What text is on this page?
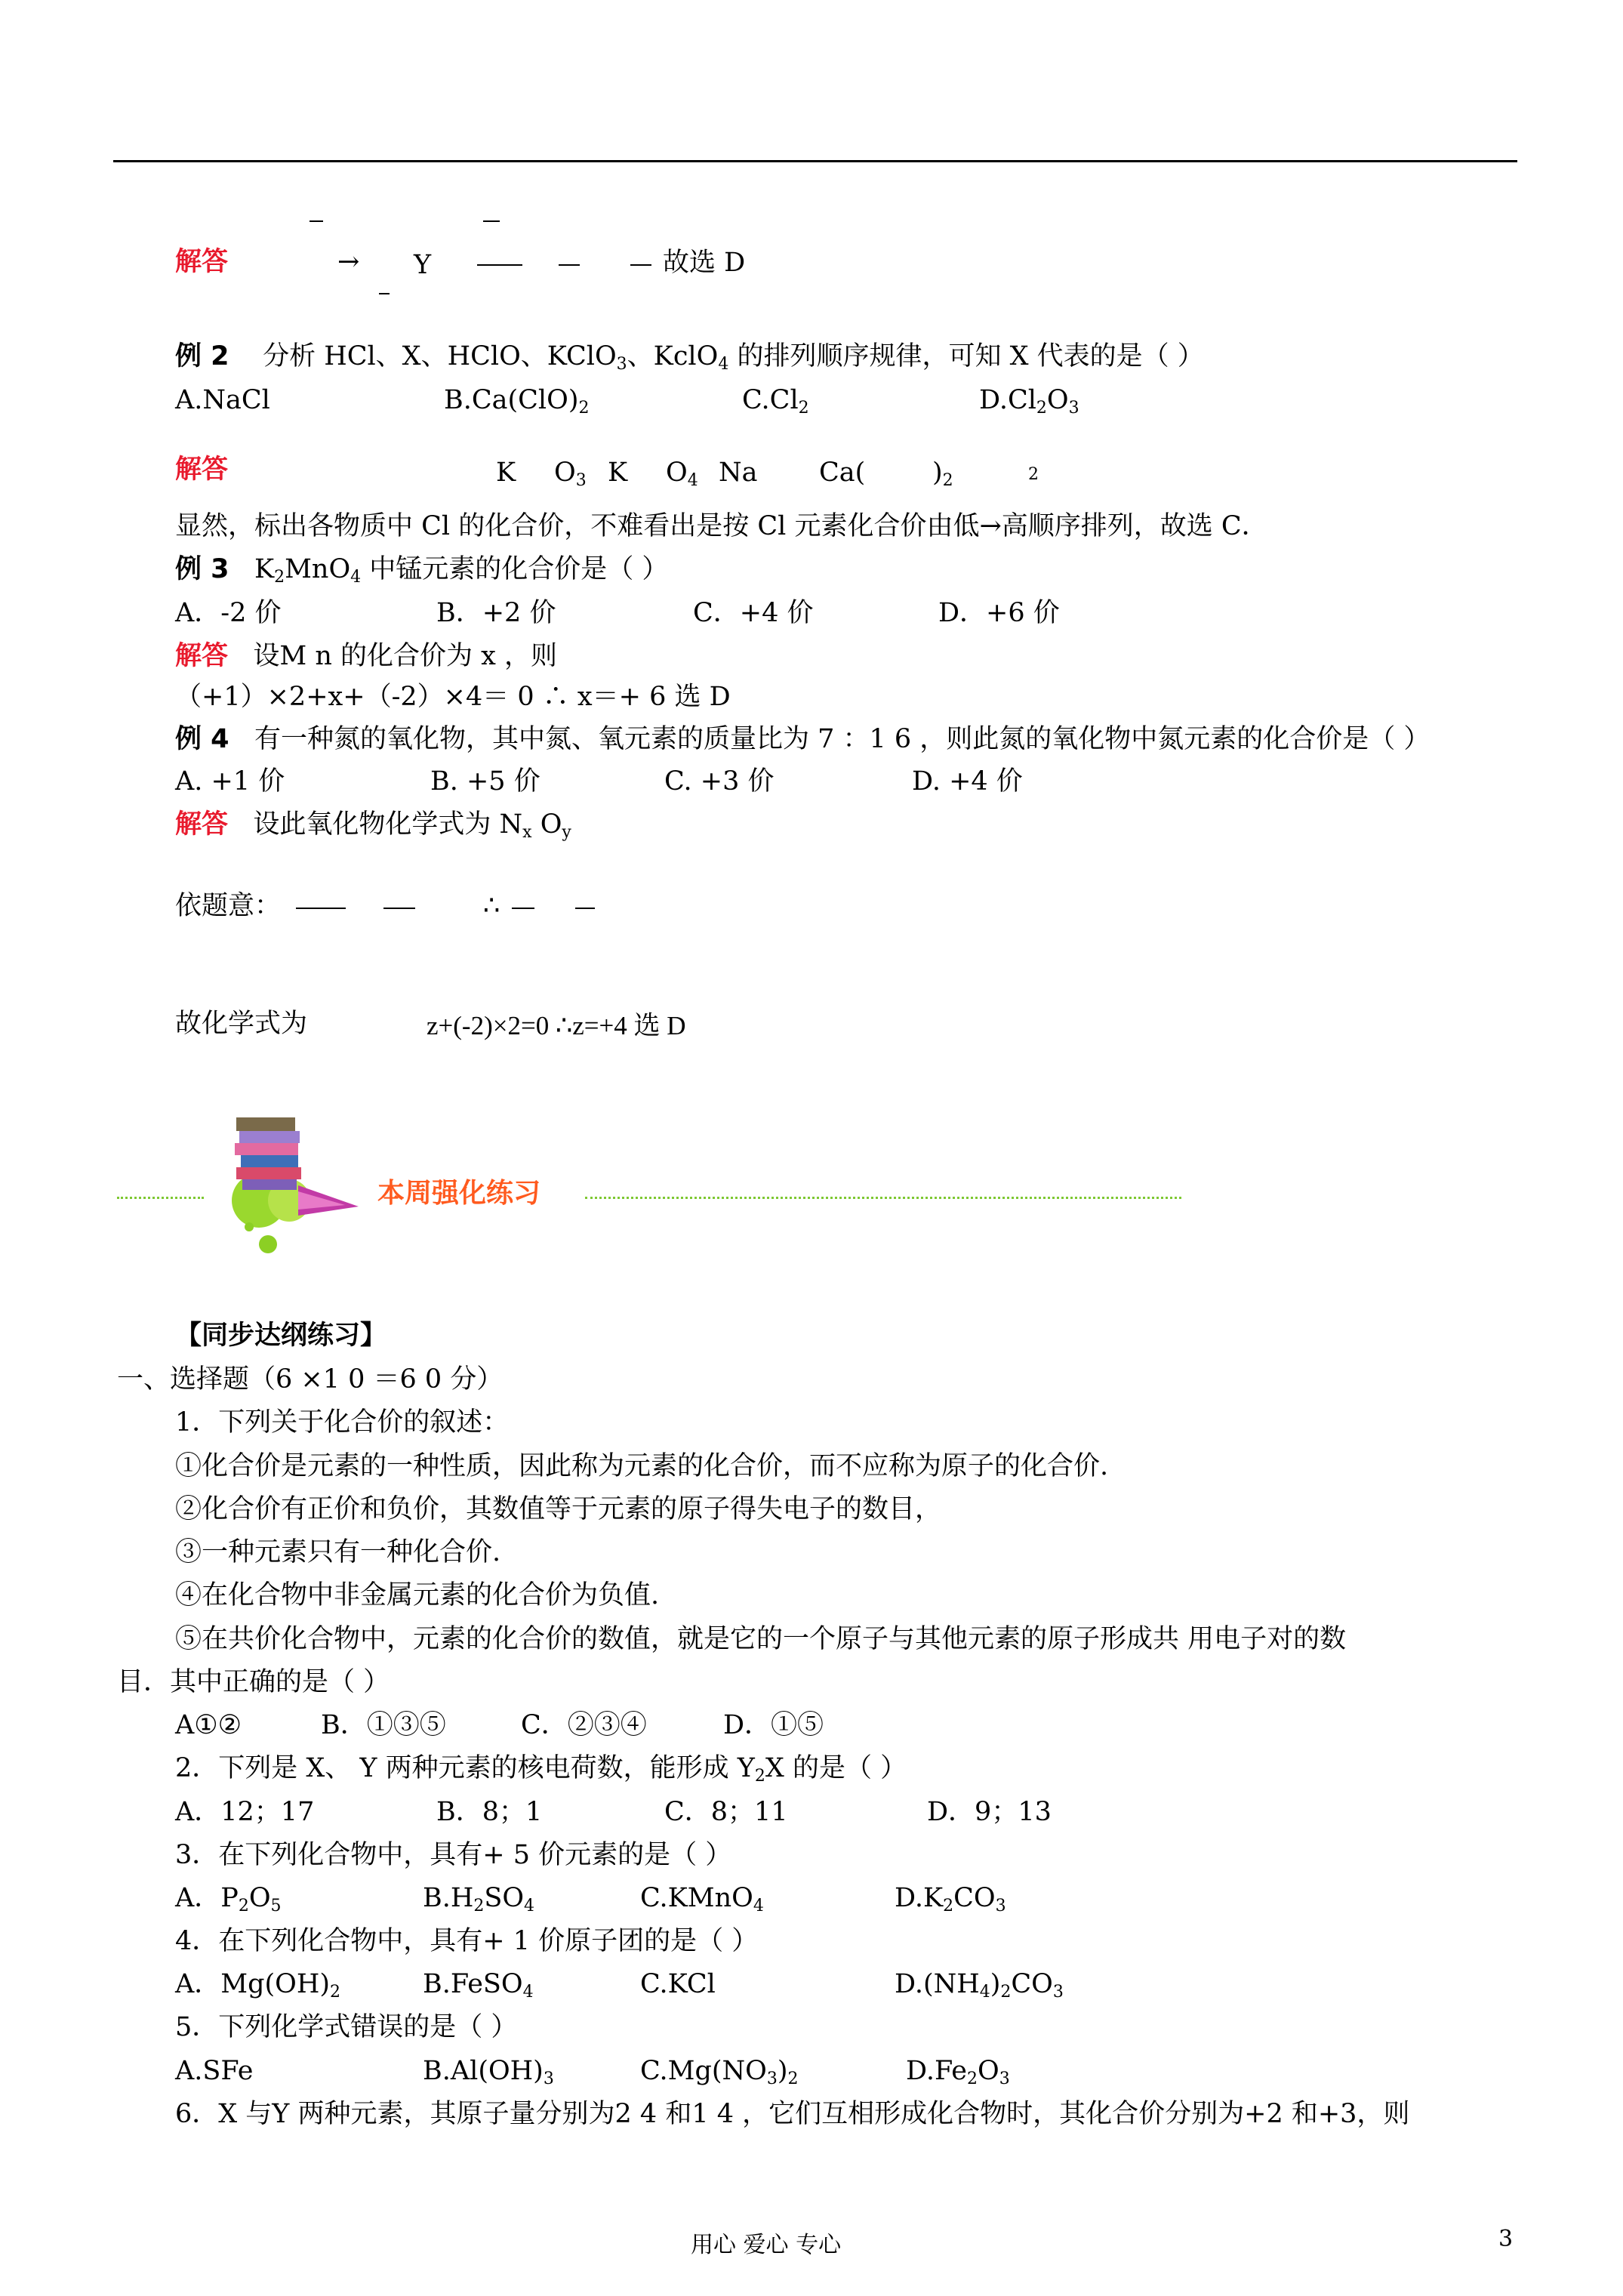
解答	→ Y	故选 D
例 2 分析 HCl、X、HClO、KClO$_3$、KclO$_4$ 的排列顺序规律，可知 X 代表的是（ ）
A.NaCl	$B.Ca(ClO)_2$	$C.Cl_2$	$D.Cl_2O_3$
解答	K $O_3$ K $O_4$ Na Ca(	)$_2$	2
显然，标出各物质中 Cl 的化合价，不难看出是按 Cl 元素化合价由低→高顺序排列，故选 C．
例 3 $K_2MnO_4$ 中锰元素的化合价是（ ）
A．-2 价	B．+2 价	C．+4 价	D．+6 价
解答 设M n 的化合价为 x ，则
（+1）×2+x+（-2）×4＝ 0 ∴ x＝+ 6 选 D
例 4 有一种氮的氧化物，其中氮、氧元素的质量比为 7 ：1 6 ，则此氮的氧化物中氮元素的化合价是（ ）
A. +1 价	B. +5 价	C. +3 价	D. +4 价
解答 设此氧化物化学式为 $N_x$ $O_y$
依题意：	∴
故化学式为	z+(-2)×2=0 ∴z=+4 选 D
本周强化练习
【同步达纲练习】
一、选择题（6 ×1 0 ＝6 0 分）
1．下列关于化合价的叙述：
①化合价是元素的一种性质，因此称为元素的化合价，而不应称为原子的化合价.
②化合价有正价和负价，其数值等于元素的原子得失电子的数目，
③一种元素只有一种化合价.
④在化合物中非金属元素的化合价为负值.
⑤在共价化合物中，元素的化合价的数值，就是它的一个原子与其他元素的原子形成共 用电子对的数
目．其中正确的是（ ）
A①②	B．①③⑤	C．②③④	D．①⑤
2．下列是 X、 Y 两种元素的核电荷数，能形成 $Y_2X$ 的是（ ）
A．12；17	B．8；1	C．8；11	D．9；13
3．在下列化合物中，具有+ 5 价元素的是（ ）
A．$P_2O_5$	$B.H_2SO_4$	C.KMnO$_4$	$D.K_2CO_3$
4．在下列化合物中，具有+ 1 价原子团的是（ ）
A．$Mg(OH)_2$	B.FeSO$_4$	C.KCl	$D.(NH_4)_2CO_3$
5．下列化学式错误的是（ ）
A.SFe	$B.Al(OH)_3$	$C.Mg(NO_3)_2$	$D.Fe_2O_3$
6．X 与Y 两种元素，其原子量分别为2 4 和1 4 ，它们互相形成化合物时，其化合价分别为+2 和+3，则
用心 爱心 专心	3
